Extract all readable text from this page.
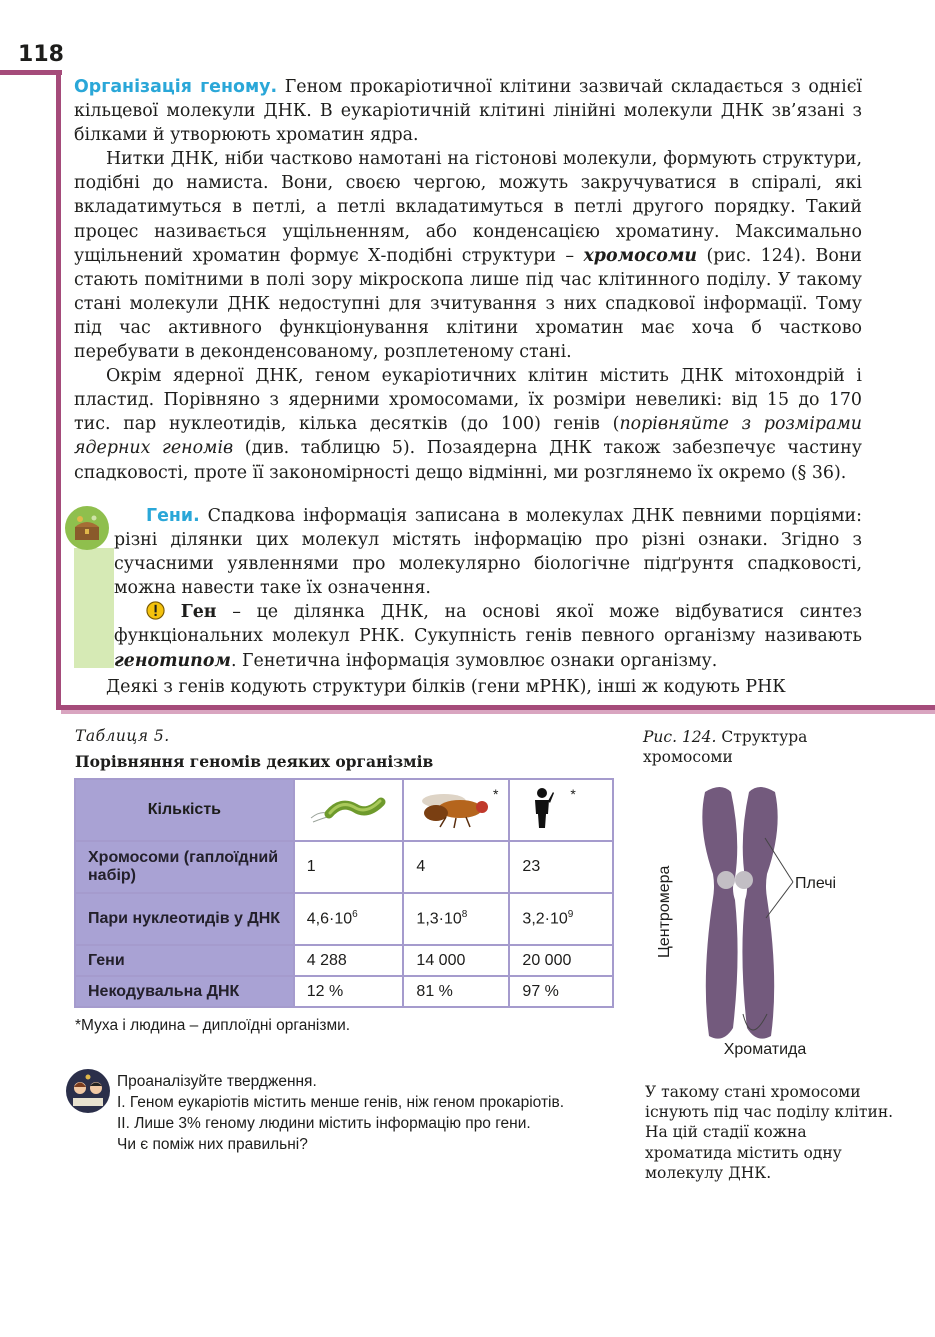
118

Організація геному. Геном прокаріотичної клітини зазвичай складається з однієї кільцевої молекули ДНК. В еукаріотичній клітині лінійні молекули ДНК зв’язані з білками й утворюють хроматин ядра.

Нитки ДНК, ніби частково намотані на гістонові молекули, формують структури, подібні до намиста. Вони, своєю чергою, можуть закручуватися в спіралі, які вкладатимуться в петлі, а петлі вкладатимуться в петлі другого порядку. Такий процес називається ущільненням, або конденсацією хроматину. Максимально ущільнений хроматин формує Х-подібні структури – хромосоми (рис. 124). Вони стають помітними в полі зору мікроскопа лише під час клітинного поділу. У такому стані молекули ДНК недоступні для зчитування з них спадкової інформації. Тому під час активного функціонування клітини хроматин має хоча б частково перебувати в деконденсованому, розплетеному стані.

Окрім ядерної ДНК, геном еукаріотичних клітин містить ДНК мітохондрій і пластид. Порівняно з ядерними хромосомами, їх розміри невеликі: від 15 до 170 тис. пар нуклеотидів, кілька десятків (до 100) генів (порівняйте з розмірами ядерних геномів (див. таблицю 5). Позаядерна ДНК також забезпечує частину спадковості, проте її закономірності дещо відмінні, ми розглянемо їх окремо (§ 36).

Гени. Спадкова інформація записана в молекулах ДНК певними порціями: різні ділянки цих молекул містять інформацію про різні ознаки. Згідно з сучасними уявленнями про молекулярно біологічне підґрунтя спадковості, можна навести таке їх означення.

Ген – це ділянка ДНК, на основі якої може відбуватися синтез функціональних молекул РНК. Сукупність генів певного організму називають генотипом. Генетична інформація зумовлює ознаки організму.

Деякі з генів кодують структури білків (гени мРНК), інші ж кодують РНК
Таблиця 5.
Порівняння геномів деяких організмів
Кількість		*	*

Хромосоми (гаплоїдний набір)	1	4	23
Пари нуклеотидів у ДНК	$4,6\cdot 10^6$	$1,3\cdot 10^8$	$3,2\cdot 10^9$
Гени	4 288	14 000	20 000
Некодувальна ДНК	12 %	81 %	97 %
*Муха і людина – диплоїдні організми.
Проаналізуйте твердження.
I. Геном еукаріотів містить менше генів, ніж геном прокаріотів.
II. Лише 3% геному людини містить інформацію про гени.
Чи є поміж них правильні?
Рис. 124. Структура хромосоми
Плечі
Центромера
Хроматида
У такому стані хромосоми існують під час поділу клітин. На цій стадії кожна хроматида містить одну молекулу ДНК.
